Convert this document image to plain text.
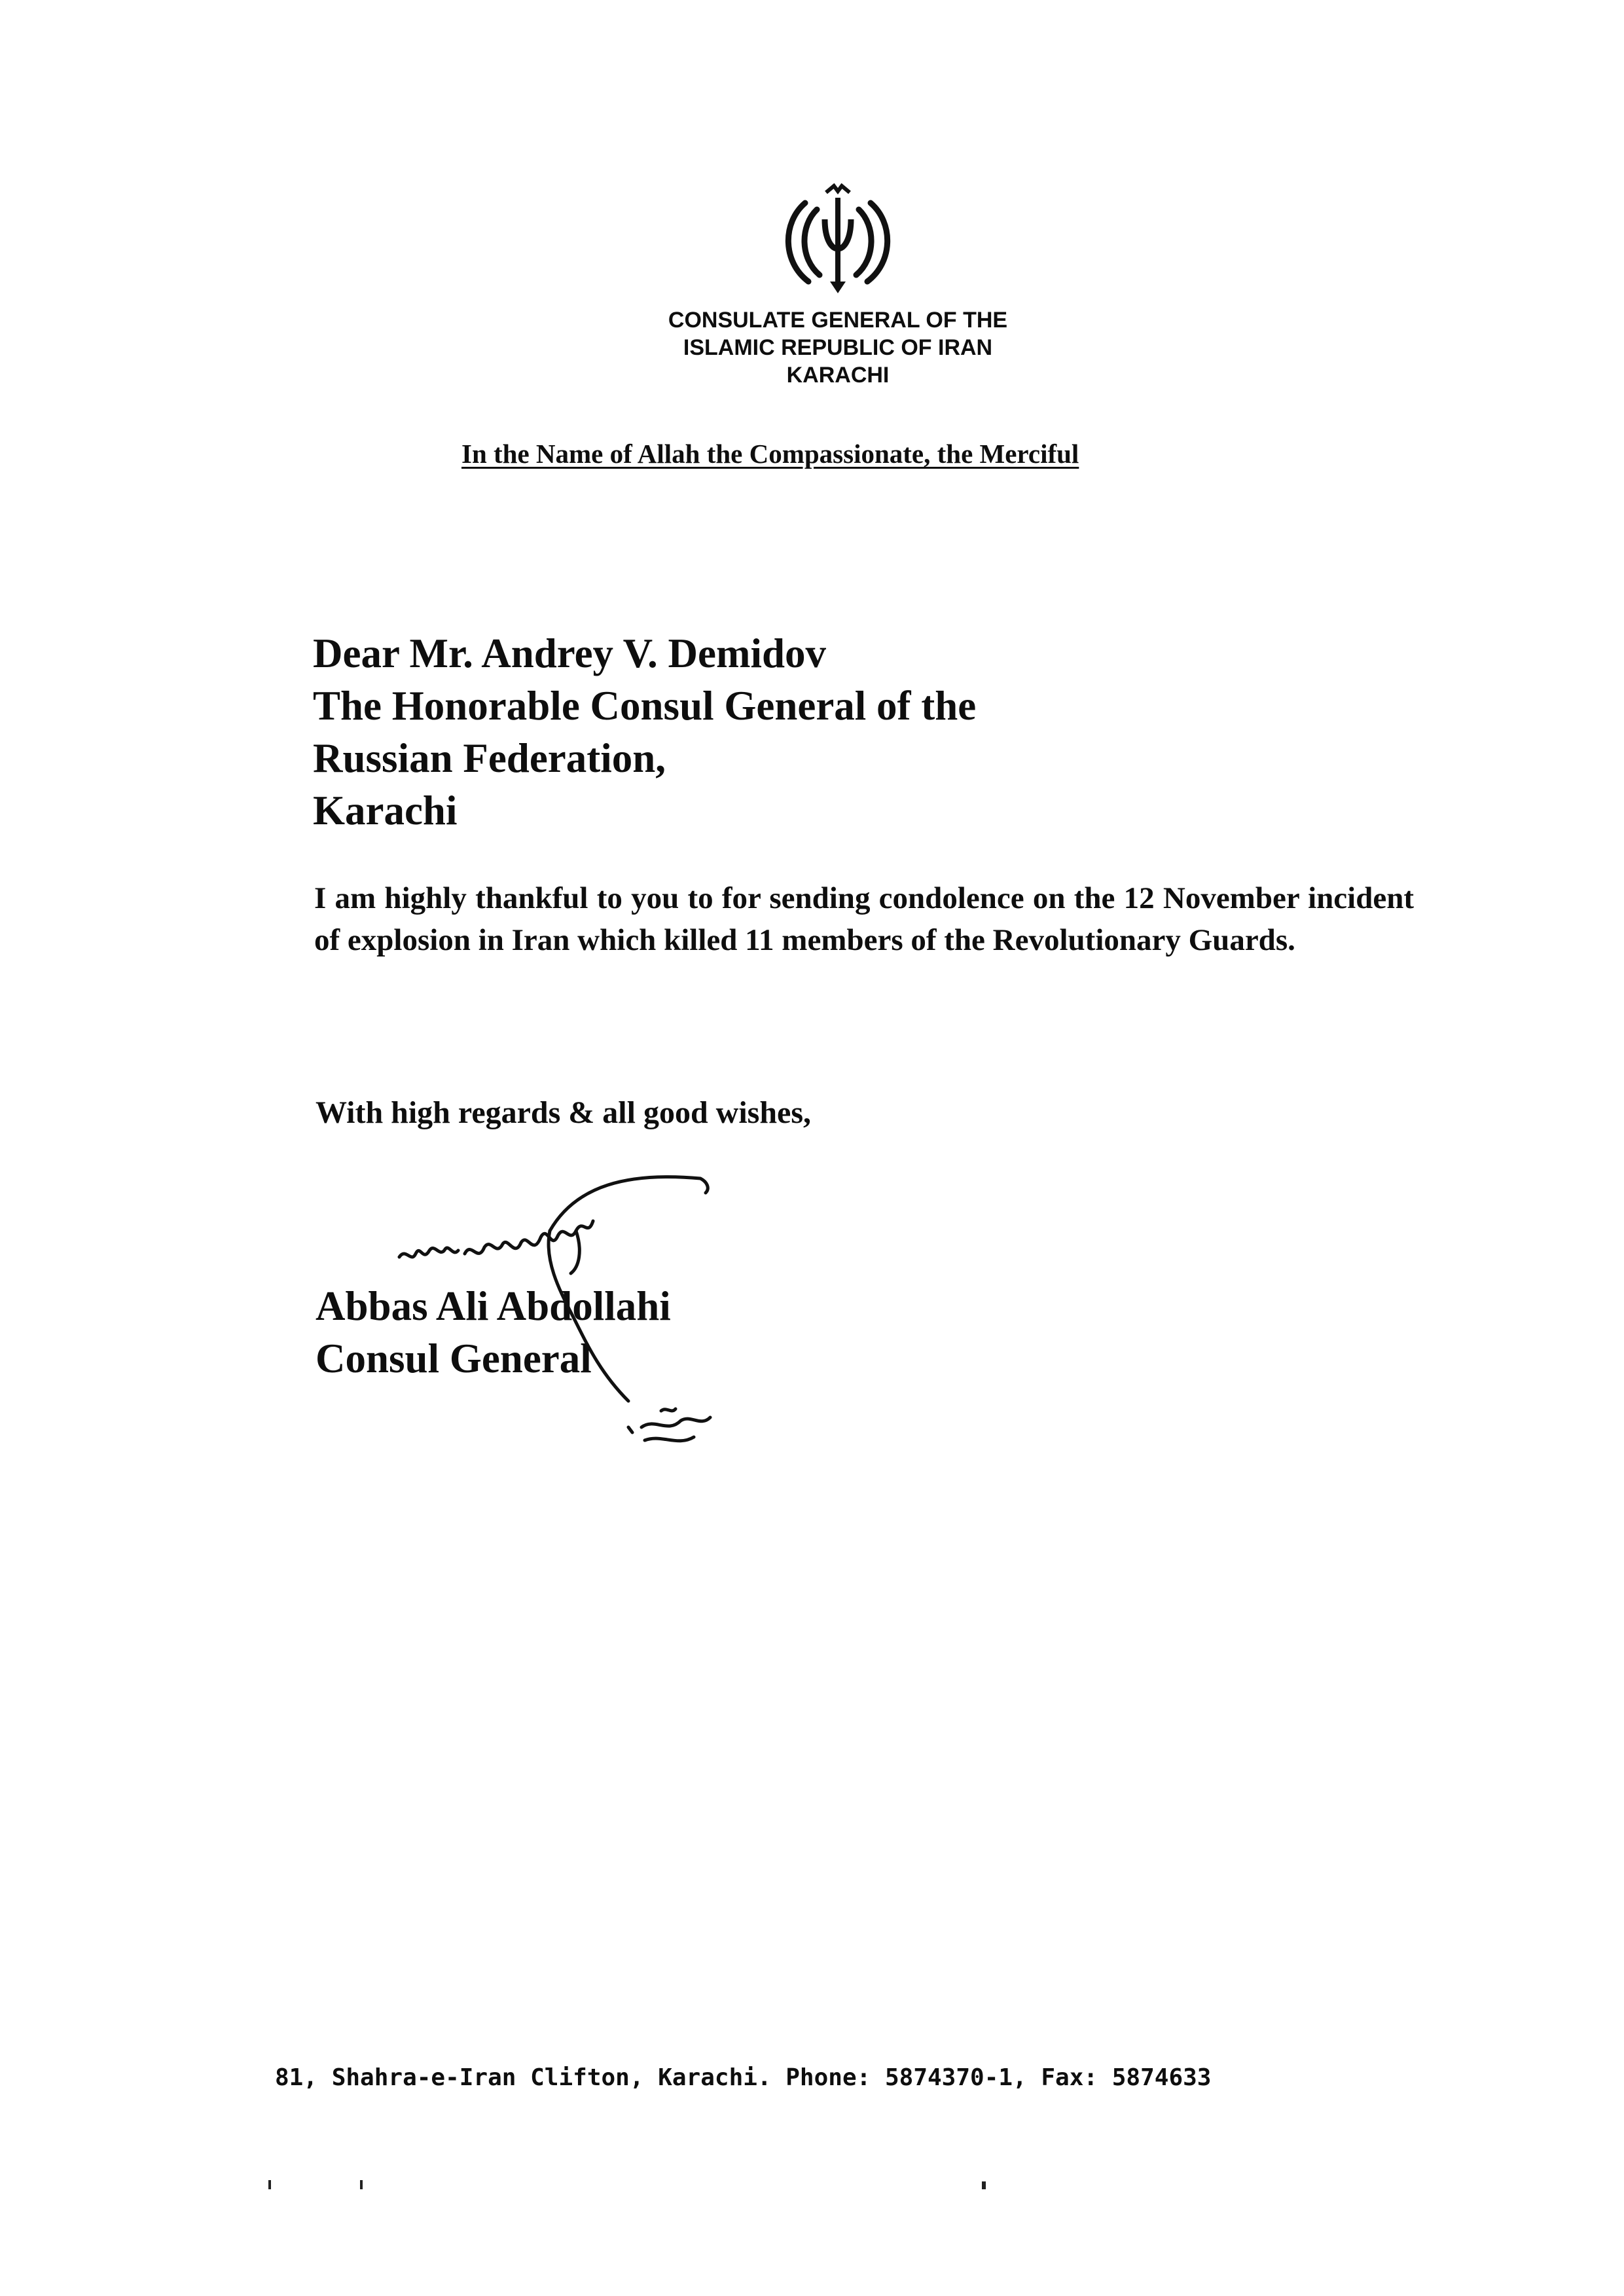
CONSULATE GENERAL OF THE
ISLAMIC REPUBLIC OF IRAN
KARACHI
In the Name of Allah the Compassionate, the Merciful
Dear Mr. Andrey V. Demidov
The Honorable Consul General of the
Russian Federation,
Karachi
I am highly thankful to you to for sending condolence on the 12 November incident of explosion in Iran which killed 11 members of the Revolutionary Guards.
With high regards & all good wishes,
Abbas Ali Abdollahi
Consul General
81, Shahra-e-Iran Clifton, Karachi. Phone: 5874370-1, Fax: 5874633
